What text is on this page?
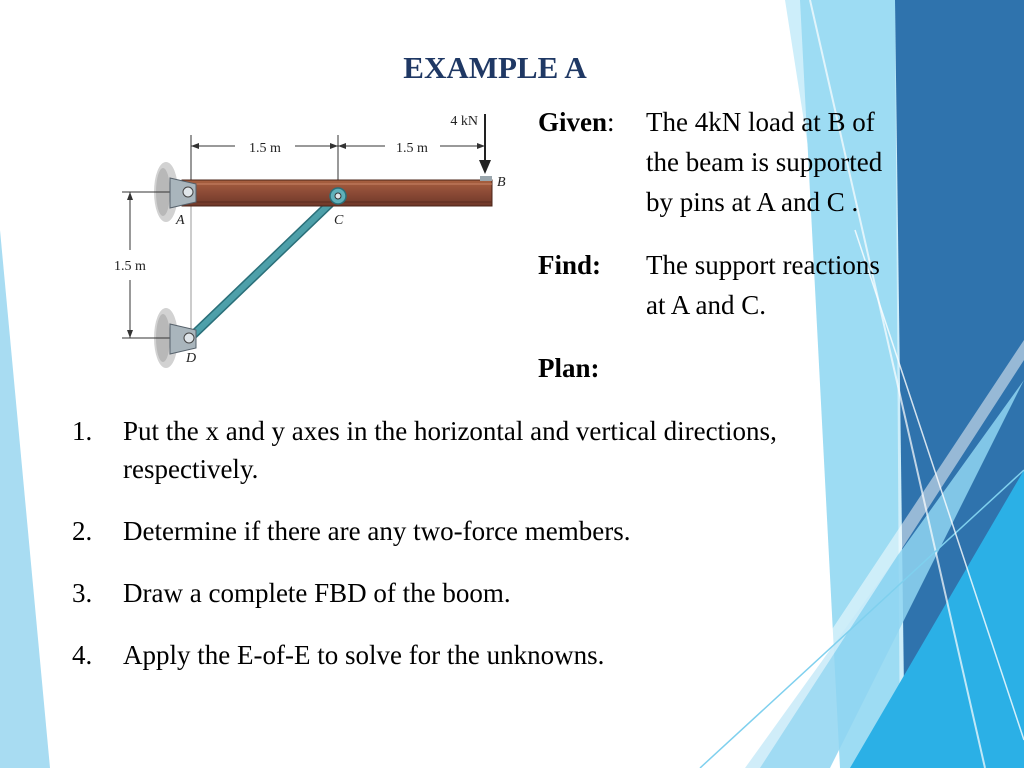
EXAMPLE A
1.5 m	1.5 m
1.5 m
4 kN
A
B
C
D
Given: The 4kN load at B of
the beam is supported
by pins at A and C .
Find: The support reactions
at A and C.
Plan:
1. Put the x and y axes in the horizontal and vertical directions,
respectively.
2. Determine if there are any two-force members.
3. Draw a complete FBD of the boom.
4. Apply the E-of-E to solve for the unknowns.
